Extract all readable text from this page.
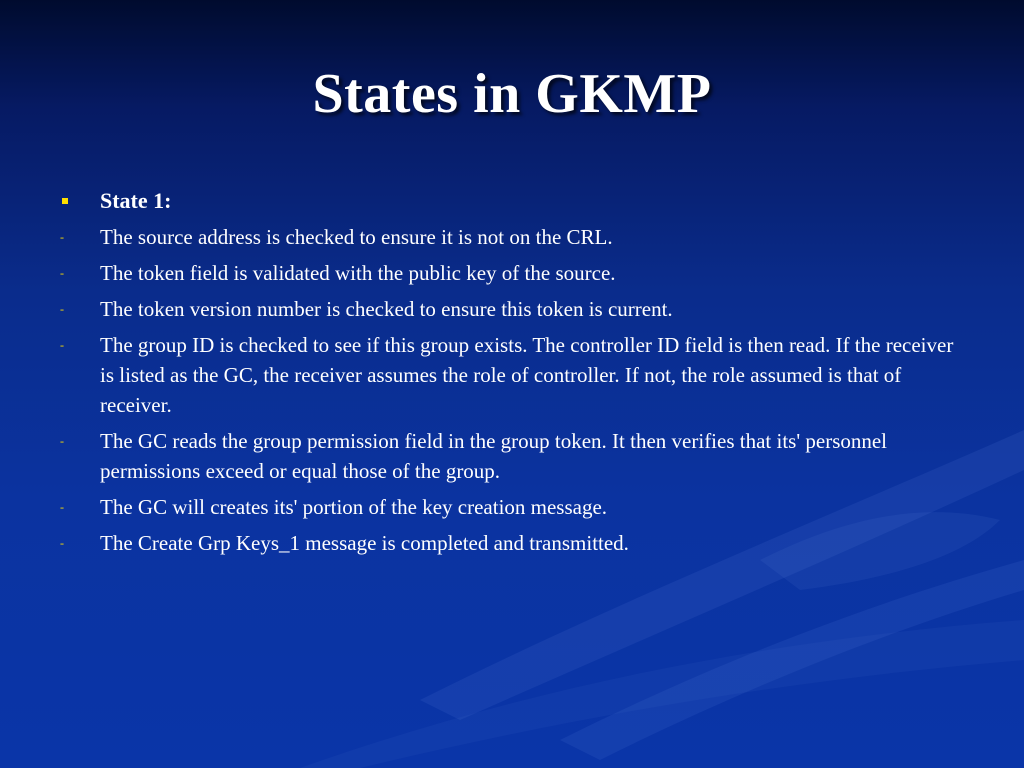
States in GKMP
State 1:
- The source address is checked to ensure it is not on the CRL.
- The token field is validated with the public key of the source.
- The token version number is checked to ensure this token is current.
- The group ID is checked to see if this group exists. The controller ID field is then read. If the receiver is listed as the GC, the receiver assumes the role of controller. If not, the role assumed is that of receiver.
- The GC reads the group permission field in the group token. It then verifies that its' personnel permissions exceed or equal those of the group.
- The GC will creates its' portion of the key creation message.
- The Create Grp Keys_1 message is completed and transmitted.
